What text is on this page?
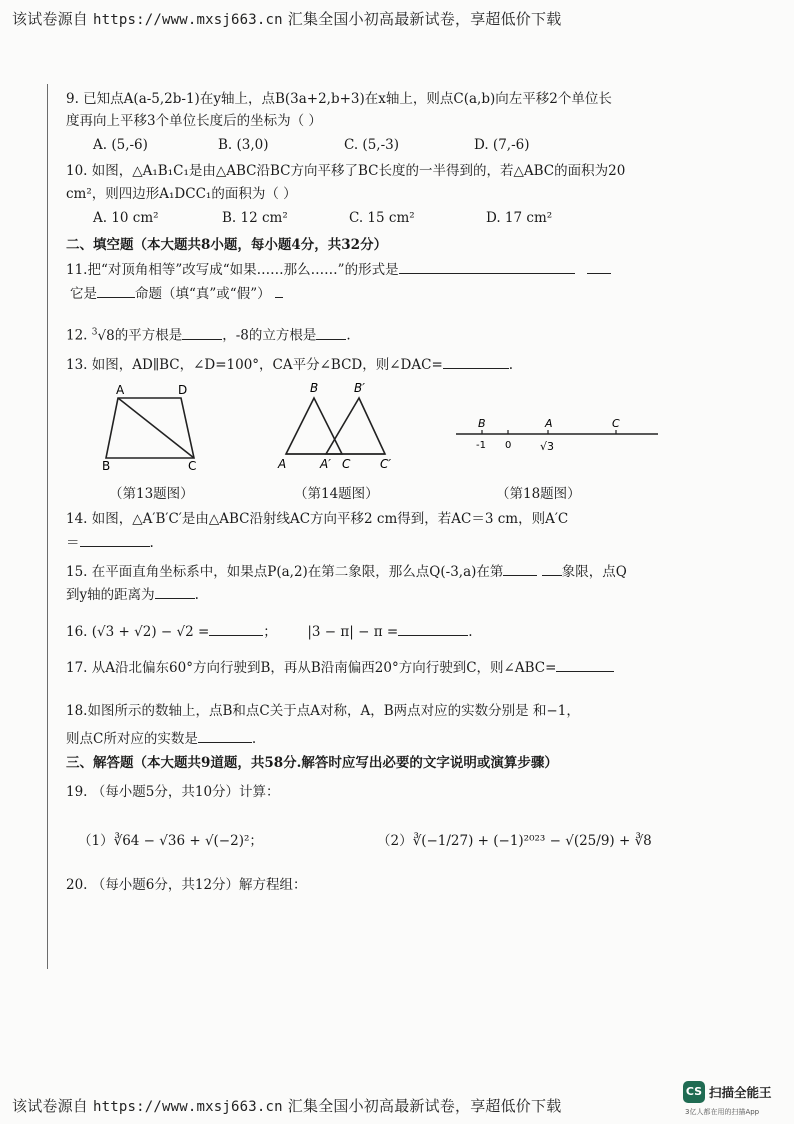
该试卷源自 https://www.mxsj663.cn 汇集全国小初高最新试卷，享超低价下载
9. 已知点A(a-5,2b-1)在y轴上，点B(3a+2,b+3)在x轴上，则点C(a,b)向左平移2个单位长
度再向上平移3个单位长度后的坐标为（ ）
A. (5,-6)	B. (3,0)	C. (5,-3)	D. (7,-6)
10. 如图，△A₁B₁C₁是由△ABC沿BC方向平移了BC长度的一半得到的，若△ABC的面积为20
cm²，则四边形A₁DCC₁的面积为（ ）
A. 10 cm²	B. 12 cm²	C. 15 cm²	D. 17 cm²
二、填空题（本大题共8小题，每小题4分，共32分）
11.把“对顶角相等”改写成“如果……那么……”的形式是
它是	命题（填“真”或“假”）
12. $^3$√8的平方根是	，-8的立方根是 .
13. 如图，AD∥BC，∠D=100°，CA平分∠BCD，则∠DAC=	.
A	D
B	C
（第13题图）
B	B′
A	A′ C C′
（第14题图）
B	A	C
-1 0	√3
（第18题图）
14. 如图，△A′B′C′是由△ABC沿射线AC方向平移2 cm得到，若AC＝3 cm，则A′C
＝	.
15. 在平面直角坐标系中，如果点P(a,2)在第二象限，那么点Q(-3,a)在第	象限，点Q
到y轴的距离为	.
16. (√3 + √2) − √2 =	；  |3 − π| − π =	.
17. 从A沿北偏东60°方向行驶到B，再从B沿南偏西20°方向行驶到C，则∠ABC=
18.如图所示的数轴上，点B和点C关于点A对称，A，B两点对应的实数分别是 和−1，
则点C所对应的实数是	.
三、解答题（本大题共9道题，共58分.解答时应写出必要的文字说明或演算步骤）
19. （每小题5分，共10分）计算：
（1）∛64 − √36 + √(−2)²；	（2）∛(−1/27) + (−1)²⁰²³ − √(25/9) + ∛8
20. （每小题6分，共12分）解方程组：
该试卷源自 https://www.mxsj663.cn 汇集全国小初高最新试卷，享超低价下载
CS 扫描全能王
3亿人都在用的扫描App
